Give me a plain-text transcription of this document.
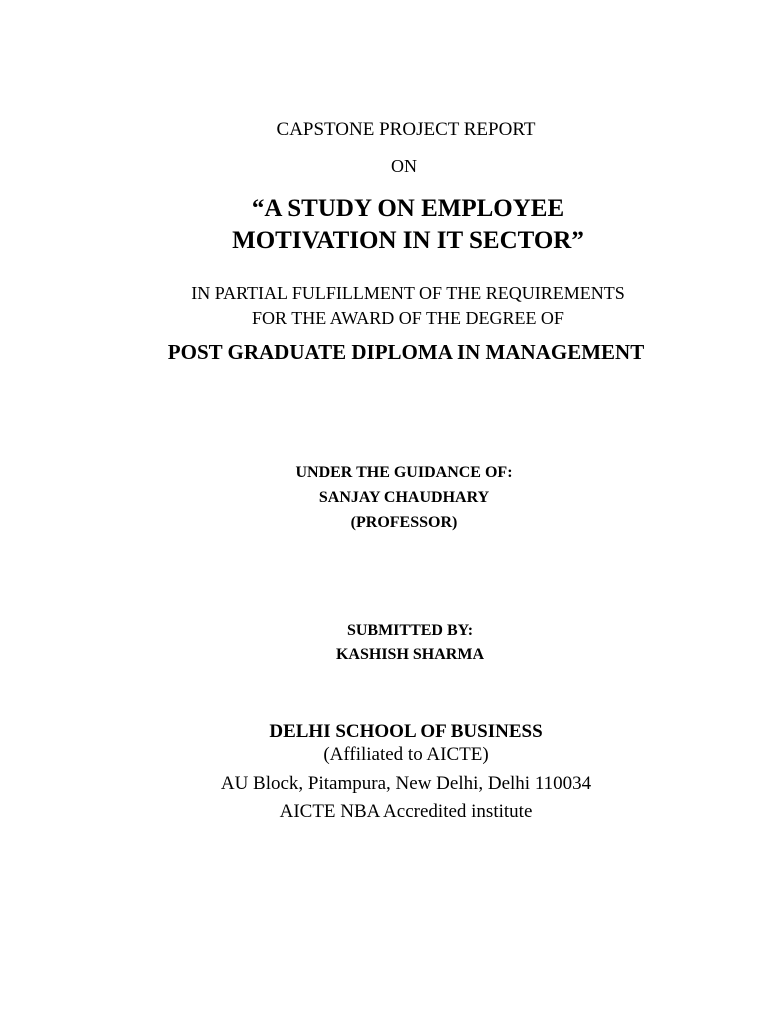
CAPSTONE PROJECT REPORT
ON
“A STUDY ON EMPLOYEE
MOTIVATION IN IT SECTOR”
IN PARTIAL FULFILLMENT OF THE REQUIREMENTS
FOR THE AWARD OF THE DEGREE OF
POST GRADUATE DIPLOMA IN MANAGEMENT
UNDER THE GUIDANCE OF:
SANJAY CHAUDHARY
(PROFESSOR)
SUBMITTED BY:
KASHISH SHARMA
DELHI SCHOOL OF BUSINESS
(Affiliated to AICTE)
AU Block, Pitampura, New Delhi, Delhi 110034
AICTE NBA Accredited institute
